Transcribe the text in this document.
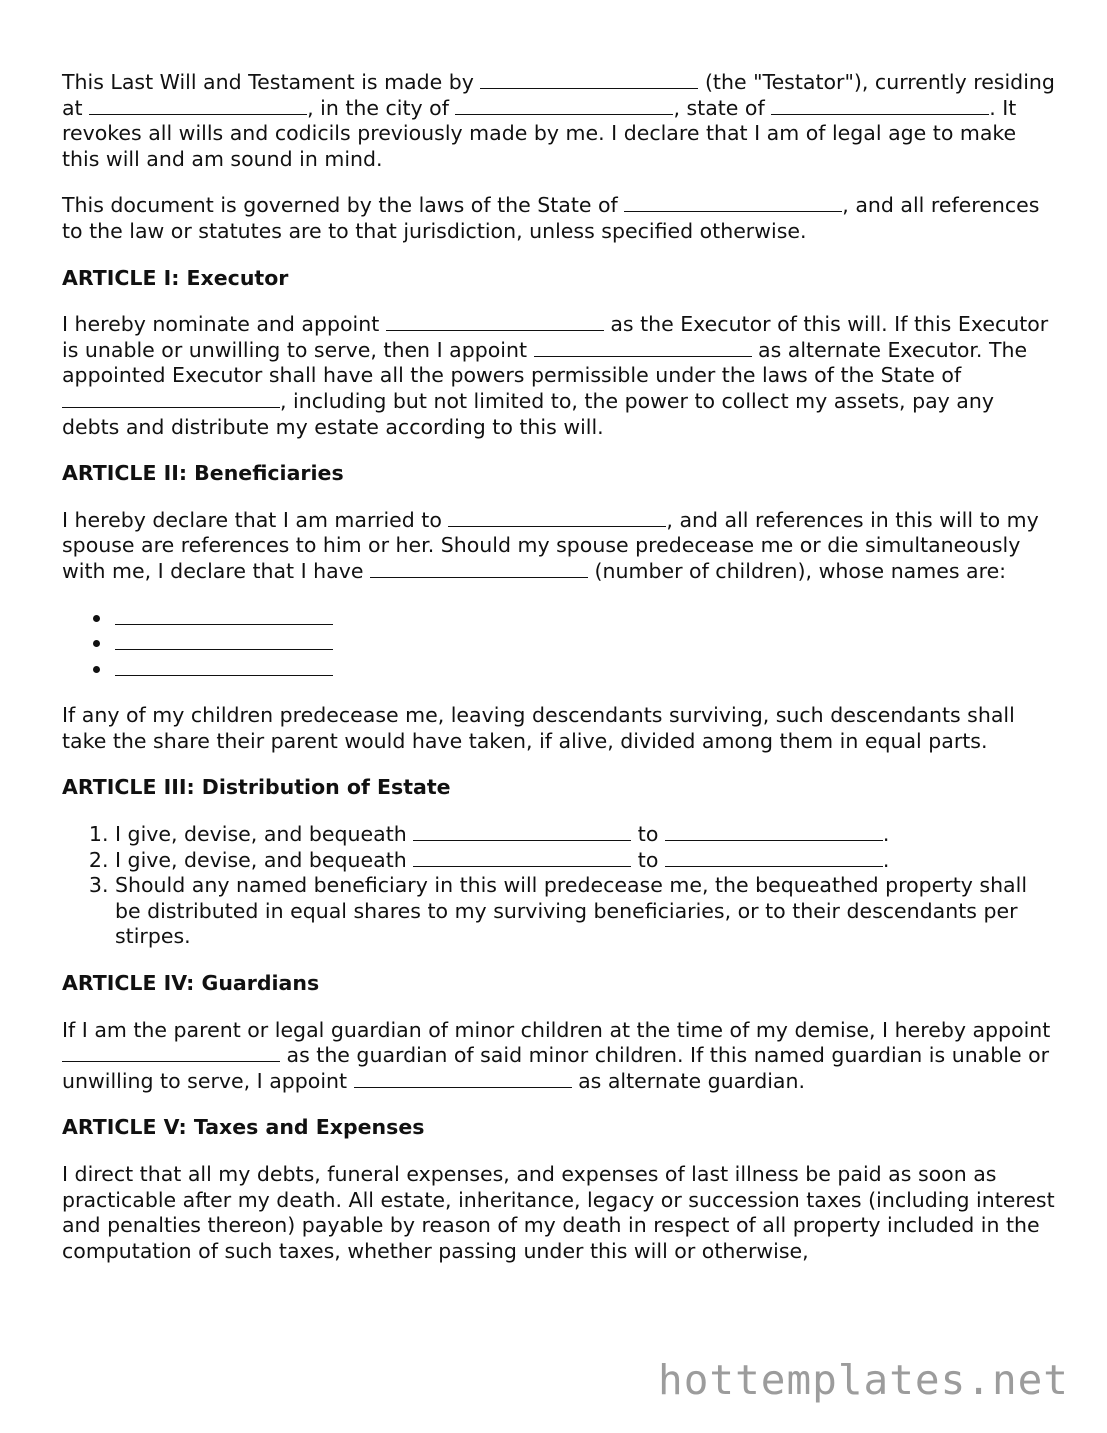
This Last Will and Testament is made by	(the "Testator"), currently residing at	, in the city of	, state of	. It revokes all wills and codicils previously made by me. I declare that I am of legal age to make this will and am sound in mind.

This document is governed by the laws of the State of	, and all references to the law or statutes are to that jurisdiction, unless specified otherwise.

ARTICLE I: Executor

I hereby nominate and appoint	as the Executor of this will. If this Executor is unable or unwilling to serve, then I appoint	as alternate Executor. The appointed Executor shall have all the powers permissible under the laws of the State of , including but not limited to, the power to collect my assets, pay any debts and distribute my estate according to this will.

ARTICLE II: Beneficiaries

I hereby declare that I am married to	, and all references in this will to my spouse are references to him or her. Should my spouse predecease me or die simultaneously with me, I declare that I have	(number of children), whose names are:

If any of my children predecease me, leaving descendants surviving, such descendants shall take the share their parent would have taken, if alive, divided among them in equal parts.

ARTICLE III: Distribution of Estate
1. I give, devise, and bequeath	to	.
2. I give, devise, and bequeath	to	.
3. Should any named beneficiary in this will predecease me, the bequeathed property shall be distributed in equal shares to my surviving beneficiaries, or to their descendants per stirpes.
ARTICLE IV: Guardians

If I am the parent or legal guardian of minor children at the time of my demise, I hereby appoint  as the guardian of said minor children. If this named guardian is unable or unwilling to serve, I appoint	as alternate guardian.

ARTICLE V: Taxes and Expenses

I direct that all my debts, funeral expenses, and expenses of last illness be paid as soon as practicable after my death. All estate, inheritance, legacy or succession taxes (including interest and penalties thereon) payable by reason of my death in respect of all property included in the computation of such taxes, whether passing under this will or otherwise,

hottemplates.net
